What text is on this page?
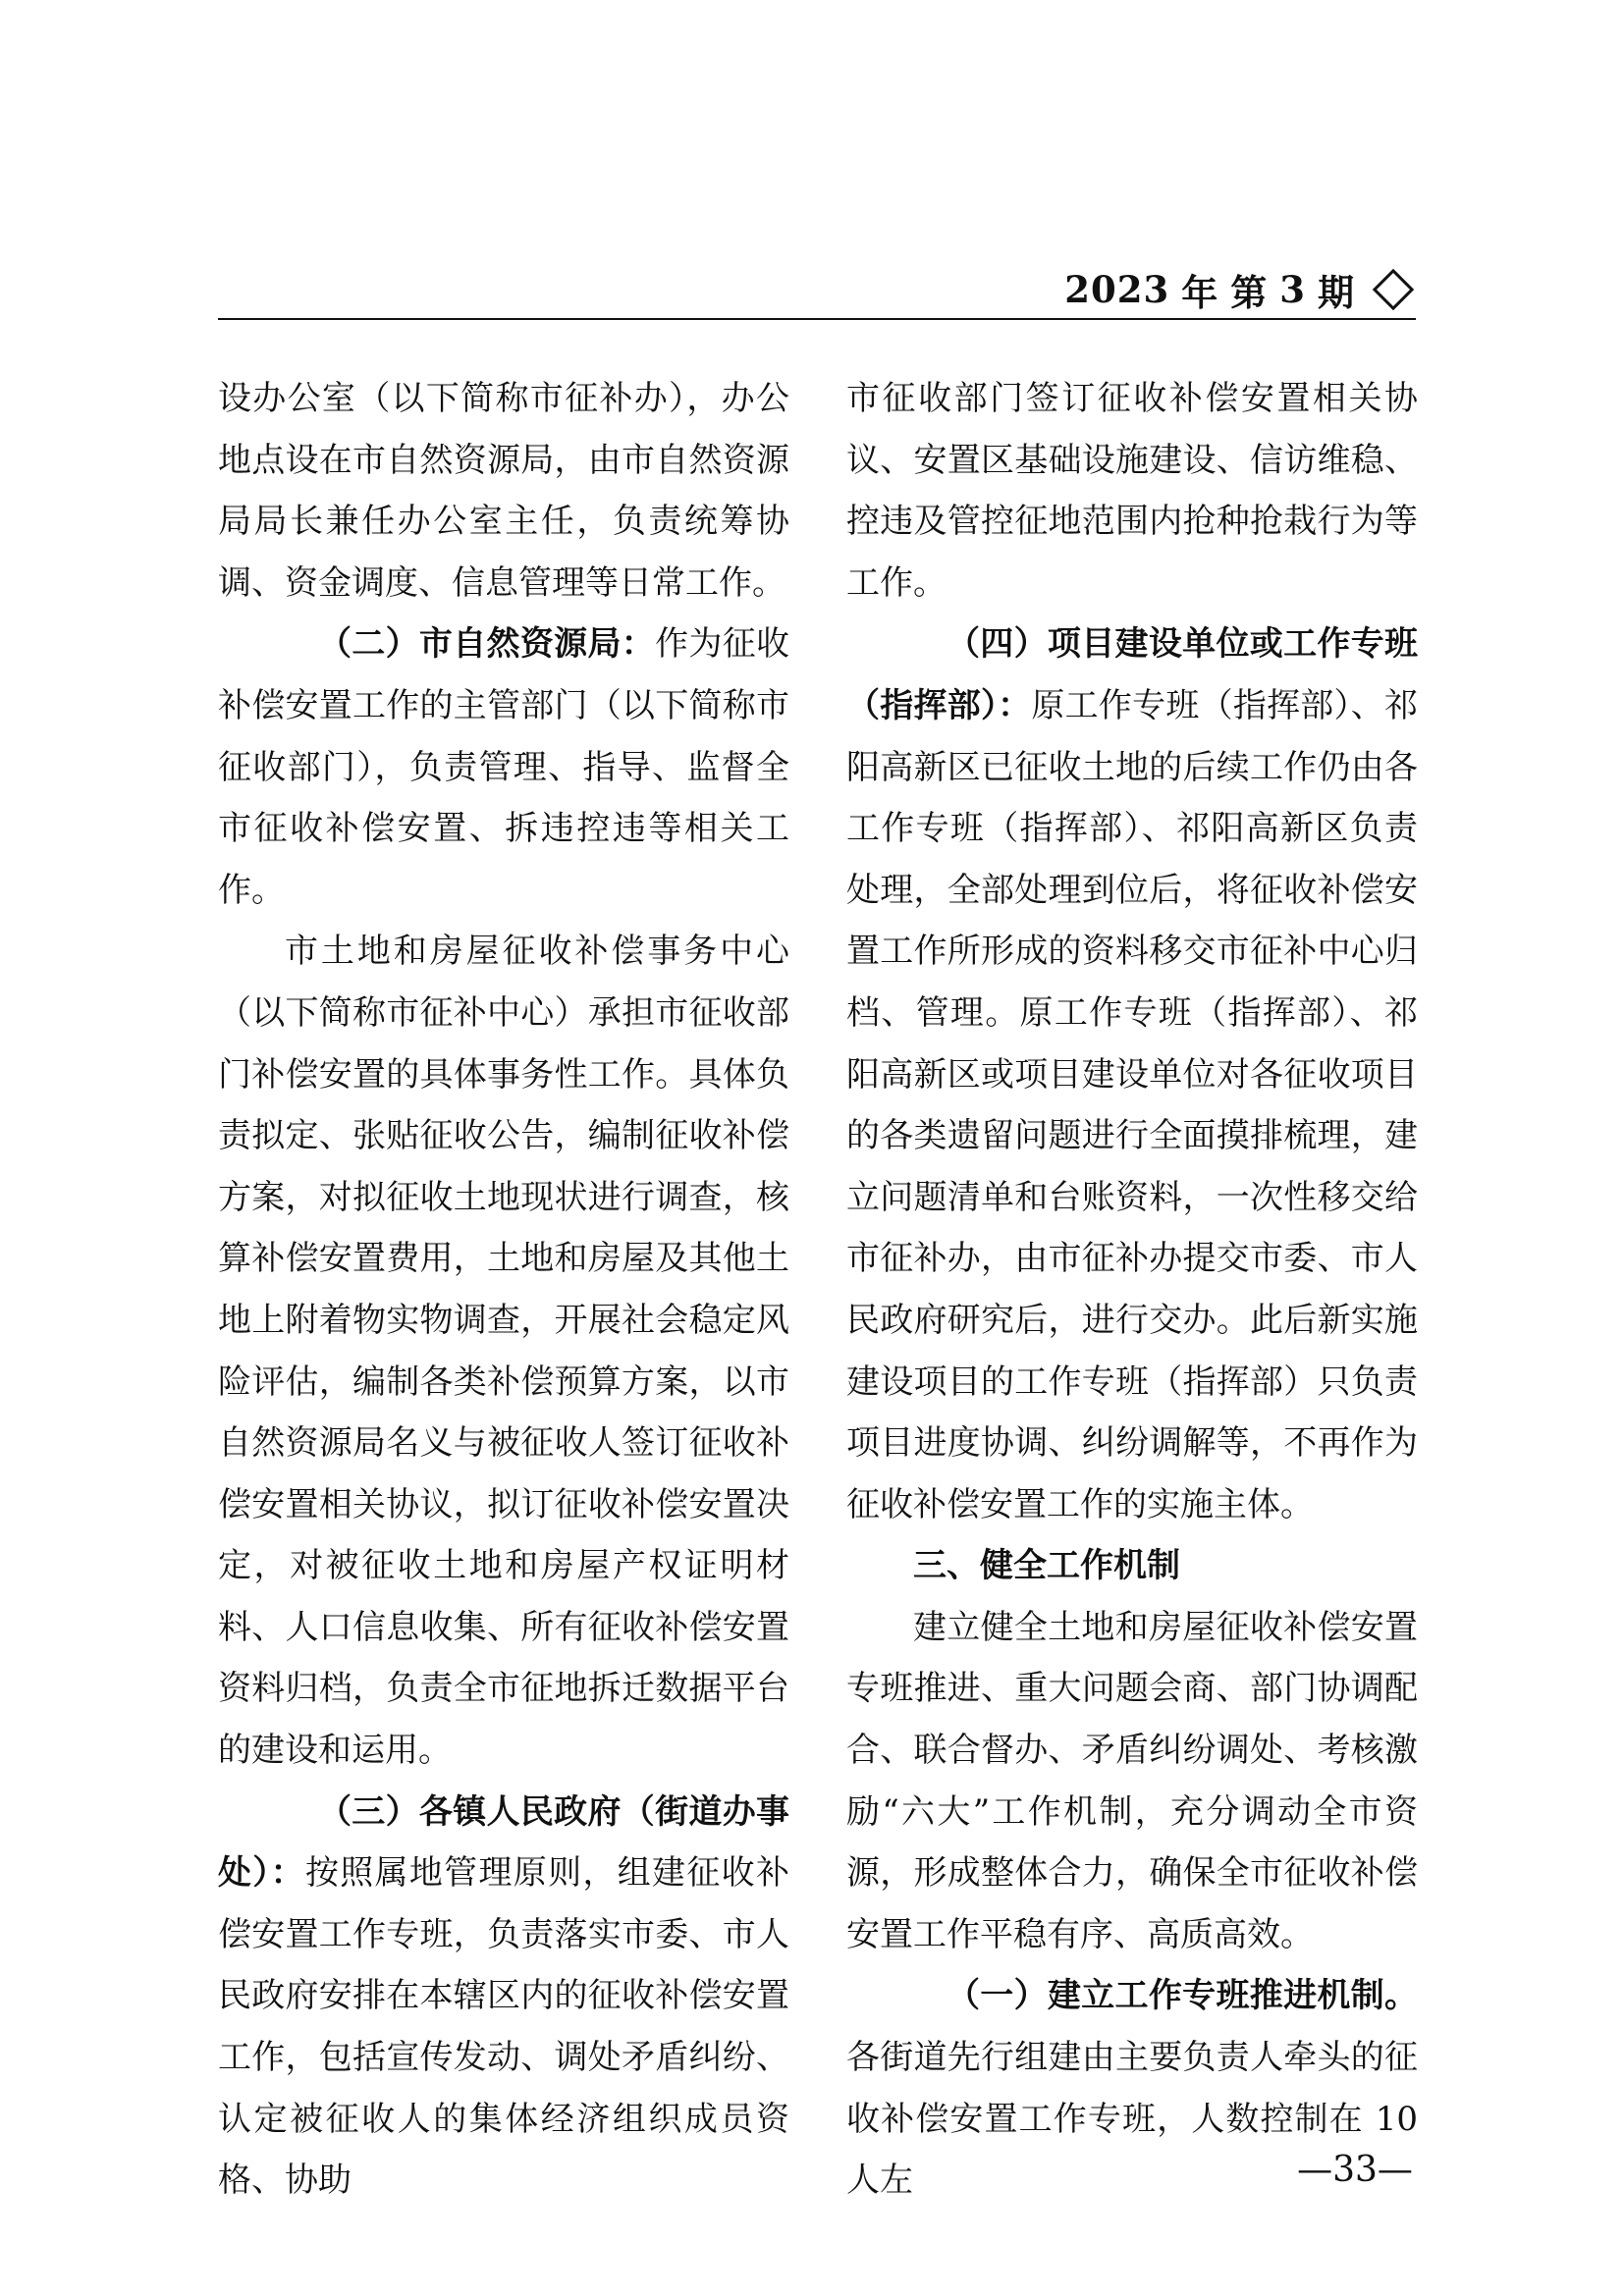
2023 年 第 3 期

设办公室（以下简称市征补办），办公地点设在市自然资源局，由市自然资源局局长兼任办公室主任，负责统筹协调、资金调度、信息管理等日常工作。

（二）市自然资源局：作为征收补偿安置工作的主管部门（以下简称市征收部门），负责管理、指导、监督全市征收补偿安置、拆违控违等相关工作。

市土地和房屋征收补偿事务中心（以下简称市征补中心）承担市征收部门补偿安置的具体事务性工作。具体负责拟定、张贴征收公告，编制征收补偿方案，对拟征收土地现状进行调查，核算补偿安置费用，土地和房屋及其他土地上附着物实物调查，开展社会稳定风险评估，编制各类补偿预算方案，以市自然资源局名义与被征收人签订征收补偿安置相关协议，拟订征收补偿安置决定，对被征收土地和房屋产权证明材料、人口信息收集、所有征收补偿安置资料归档，负责全市征地拆迁数据平台的建设和运用。

（三）各镇人民政府（街道办事处）：按照属地管理原则，组建征收补偿安置工作专班，负责落实市委、市人民政府安排在本辖区内的征收补偿安置工作，包括宣传发动、调处矛盾纠纷、认定被征收人的集体经济组织成员资格、协助

市征收部门签订征收补偿安置相关协议、安置区基础设施建设、信访维稳、控违及管控征地范围内抢种抢栽行为等工作。

（四）项目建设单位或工作专班（指挥部）：原工作专班（指挥部）、祁阳高新区已征收土地的后续工作仍由各工作专班（指挥部）、祁阳高新区负责处理，全部处理到位后，将征收补偿安置工作所形成的资料移交市征补中心归档、管理。原工作专班（指挥部）、祁阳高新区或项目建设单位对各征收项目的各类遗留问题进行全面摸排梳理，建立问题清单和台账资料，一次性移交给市征补办，由市征补办提交市委、市人民政府研究后，进行交办。此后新实施建设项目的工作专班（指挥部）只负责项目进度协调、纠纷调解等，不再作为征收补偿安置工作的实施主体。

三、健全工作机制

建立健全土地和房屋征收补偿安置专班推进、重大问题会商、部门协调配合、联合督办、矛盾纠纷调处、考核激励“六大”工作机制，充分调动全市资源，形成整体合力，确保全市征收补偿安置工作平稳有序、高质高效。

（一）建立工作专班推进机制。各街道先行组建由主要负责人牵头的征收补偿安置工作专班，人数控制在 10 人左	—33—
